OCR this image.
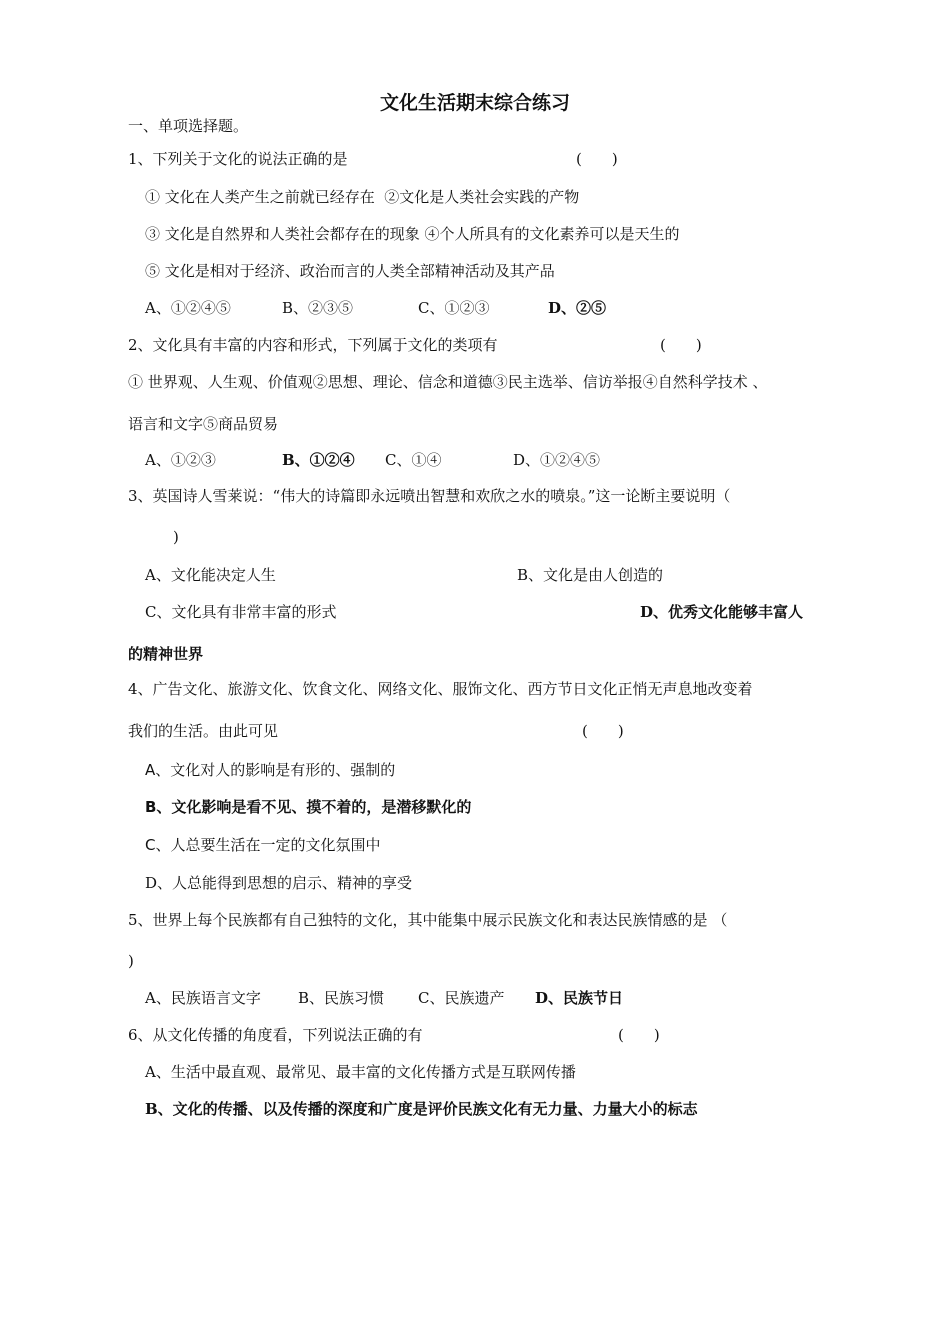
文化生活期末综合练习
一、单项选择题。
1、下列关于文化的说法正确的是	(　　)
① 文化在人类产生之前就已经存在  ②文化是人类社会实践的产物
③ 文化是自然界和人类社会都存在的现象 ④个人所具有的文化素养可以是天生的
⑤ 文化是相对于经济、政治而言的人类全部精神活动及其产品
A、①②④⑤	B、②③⑤	C、①②③	D、②⑤
2、文化具有丰富的内容和形式，下列属于文化的类项有	(　　)
① 世界观、人生观、价值观②思想、理论、信念和道德③民主选举、信访举报④自然科学技术 、
语言和文字⑤商品贸易
A、①②③	B、①②④ C、①④	D、①②④⑤
3、英国诗人雪莱说：“伟大的诗篇即永远喷出智慧和欢欣之水的喷泉。”这一论断主要说明（
)
A、文化能决定人生	B、文化是由人创造的
C、文化具有非常丰富的形式	D、优秀文化能够丰富人
的精神世界
4、广告文化、旅游文化、饮食文化、网络文化、服饰文化、西方节日文化正悄无声息地改变着
我们的生活。由此可见	(　　)
A、文化对人的影响是有形的、强制的
B、文化影响是看不见、摸不着的，是潜移默化的
C、人总要生活在一定的文化氛围中
D、人总能得到思想的启示、精神的享受
5、世界上每个民族都有自己独特的文化，其中能集中展示民族文化和表达民族情感的是 （
)
A、民族语言文字 B、民族习惯 C、民族遗产 D、民族节日
6、从文化传播的角度看，下列说法正确的有	(　　)
A、生活中最直观、最常见、最丰富的文化传播方式是互联网传播
B、文化的传播、以及传播的深度和广度是评价民族文化有无力量、力量大小的标志
